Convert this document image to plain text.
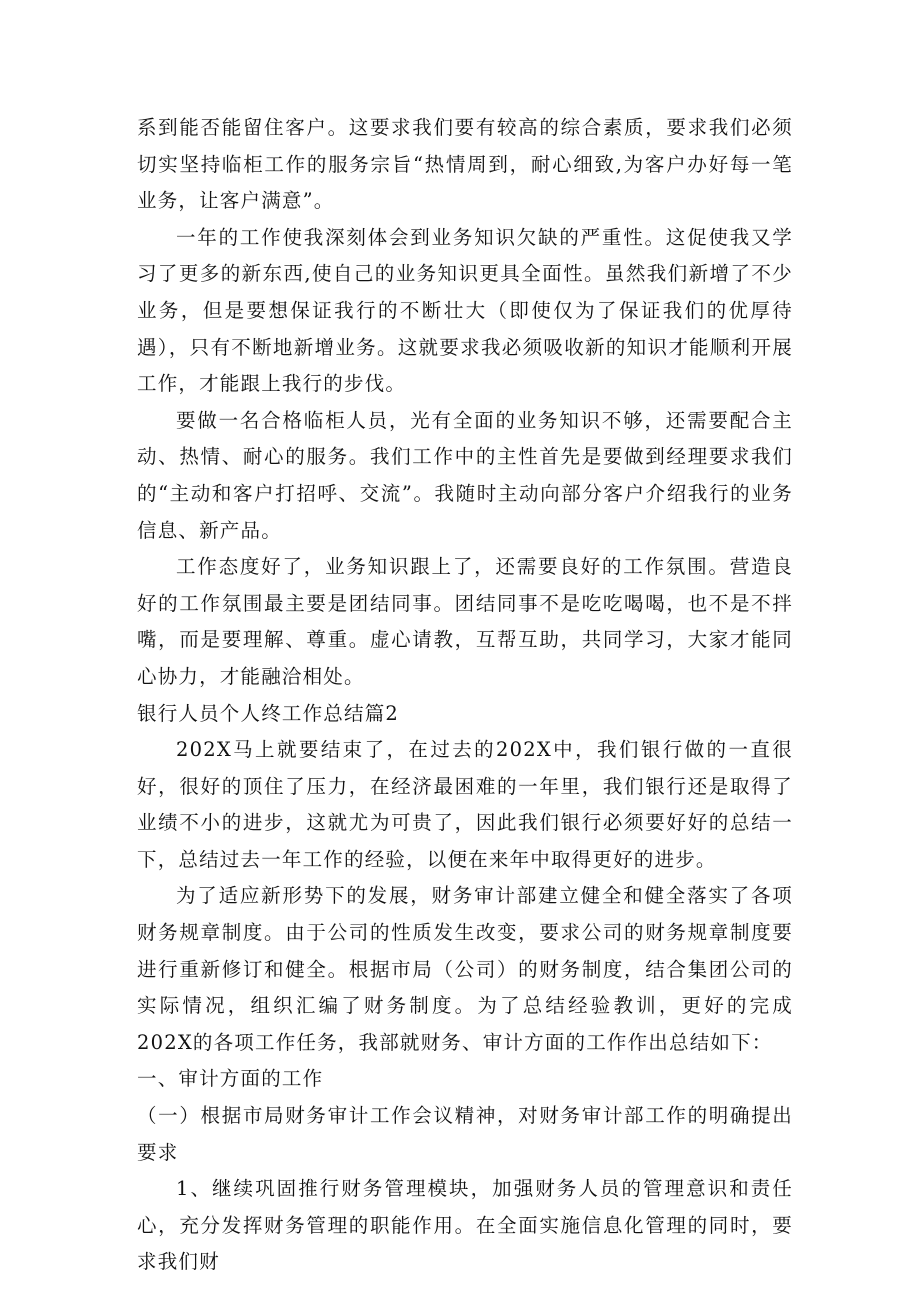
系到能否能留住客户。这要求我们要有较高的综合素质，要求我们必须切实坚持临柜工作的服务宗旨“热情周到，耐心细致,为客户办好每一笔业务，让客户满意”。

一年的工作使我深刻体会到业务知识欠缺的严重性。这促使我又学习了更多的新东西,使自己的业务知识更具全面性。虽然我们新增了不少业务，但是要想保证我行的不断壮大（即使仅为了保证我们的优厚待遇），只有不断地新增业务。这就要求我必须吸收新的知识才能顺利开展工作，才能跟上我行的步伐。

要做一名合格临柜人员，光有全面的业务知识不够，还需要配合主动、热情、耐心的服务。我们工作中的主性首先是要做到经理要求我们的“主动和客户打招呼、交流”。我随时主动向部分客户介绍我行的业务信息、新产品。

工作态度好了，业务知识跟上了，还需要良好的工作氛围。营造良好的工作氛围最主要是团结同事。团结同事不是吃吃喝喝，也不是不拌嘴，而是要理解、尊重。虚心请教，互帮互助，共同学习，大家才能同心协力，才能融洽相处。

银行人员个人终工作总结篇2

202X马上就要结束了，在过去的202X中，我们银行做的一直很好，很好的顶住了压力，在经济最困难的一年里，我们银行还是取得了业绩不小的进步，这就尤为可贵了，因此我们银行必须要好好的总结一下，总结过去一年工作的经验，以便在来年中取得更好的进步。

为了适应新形势下的发展，财务审计部建立健全和健全落实了各项财务规章制度。由于公司的性质发生改变，要求公司的财务规章制度要进行重新修订和健全。根据市局（公司）的财务制度，结合集团公司的实际情况，组织汇编了财务制度。为了总结经验教训，更好的完成202X的各项工作任务，我部就财务、审计方面的工作作出总结如下：

一、审计方面的工作

（一）根据市局财务审计工作会议精神，对财务审计部工作的明确提出要求

1、继续巩固推行财务管理模块，加强财务人员的管理意识和责任心，充分发挥财务管理的职能作用。在全面实施信息化管理的同时，要求我们财
